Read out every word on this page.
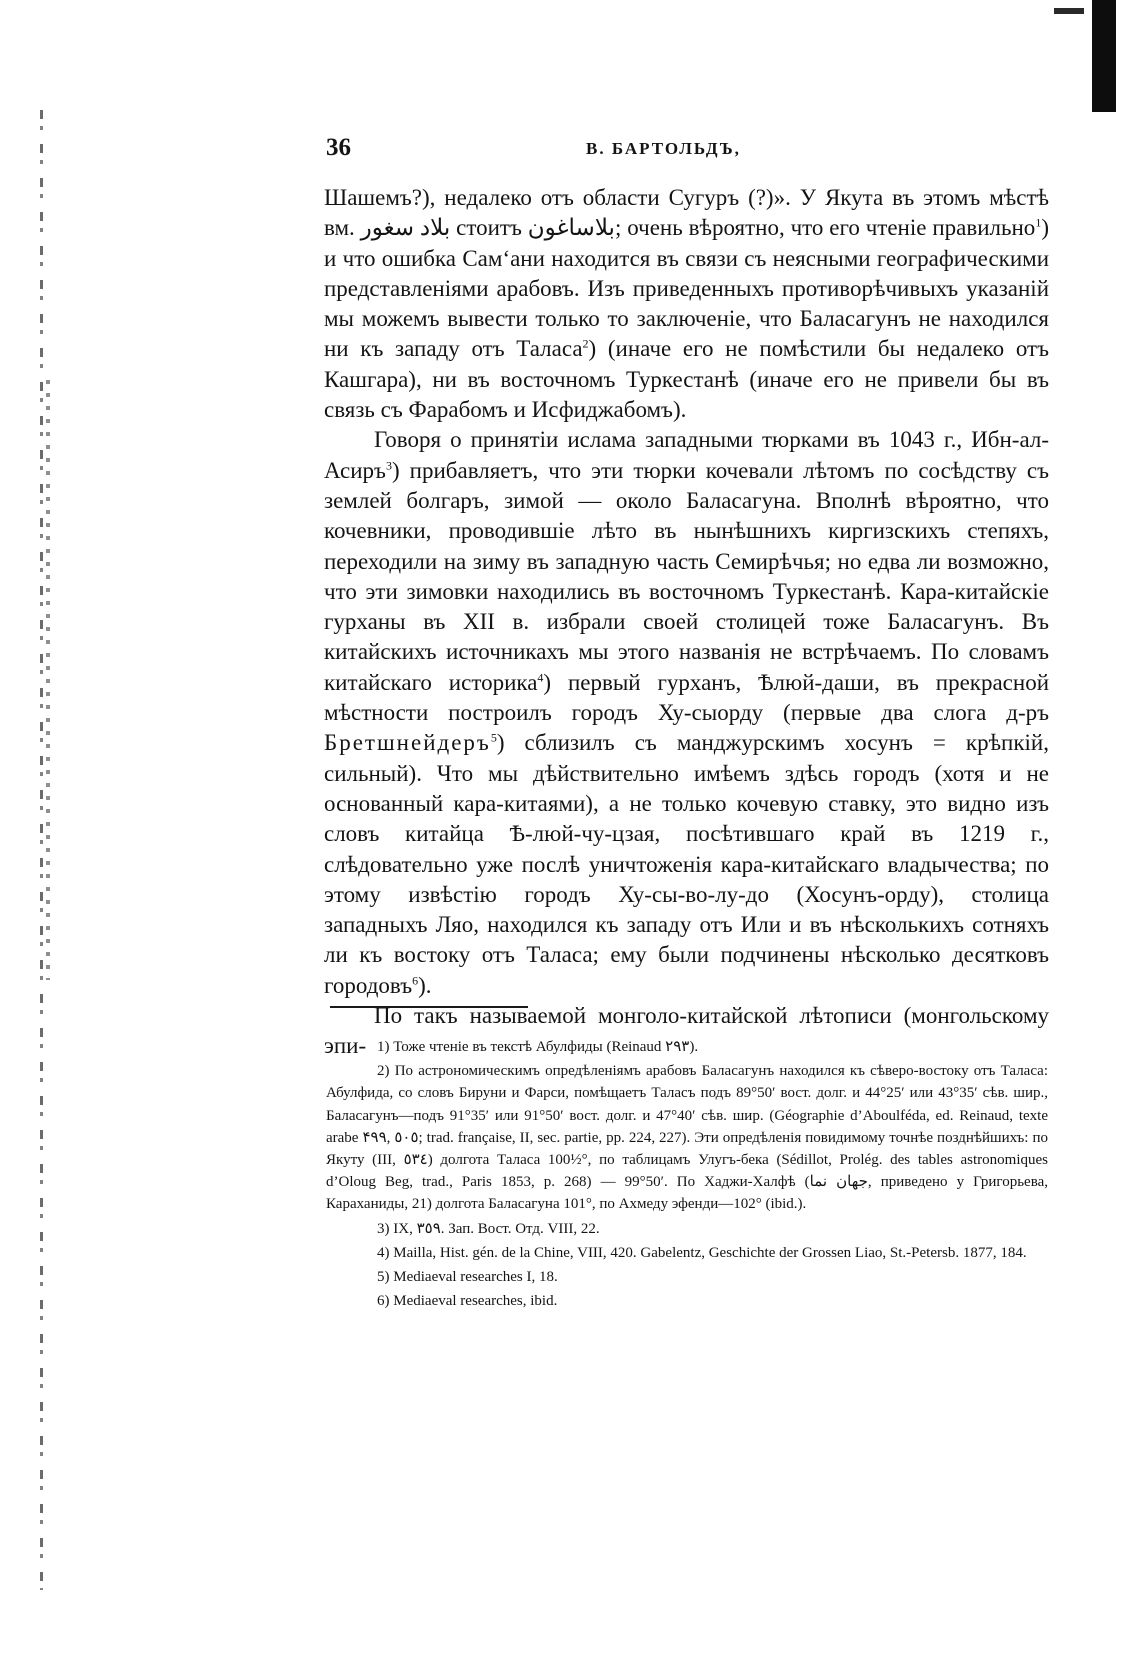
36	В. БАРТОЛЬДЪ,

Шашемъ?), недалеко отъ области Сугуръ (?)». У Якута въ этомъ мѣстѣ вм. بلاد سغور стоитъ بلاساغون; очень вѣроятно, что его чтеніе правильно$^1$) и что ошибка Сам‘ани находится въ связи съ неясными географическими представленіями арабовъ. Изъ приведенныхъ противорѣчивыхъ указаній мы можемъ вывести только то заключеніе, что Баласагунъ не находился ни къ западу отъ Таласа$^2$) (иначе его не помѣстили бы недалеко отъ Кашгара), ни въ восточномъ Туркестанѣ (иначе его не привели бы въ связь съ Фарабомъ и Исфиджабомъ).

Говоря о принятіи ислама западными тюрками въ 1043 г., Ибн-ал-Асиръ$^3$) прибавляетъ, что эти тюрки кочевали лѣтомъ по сосѣдству съ землей болгаръ, зимой — около Баласагуна. Вполнѣ вѣроятно, что кочевники, проводившіе лѣто въ нынѣшнихъ киргизскихъ степяхъ, переходили на зиму въ западную часть Семирѣчья; но едва ли возможно, что эти зимовки находились въ восточномъ Туркестанѣ. Кара-китайскіе гурханы въ XII в. избрали своей столицей тоже Баласагунъ. Въ китайскихъ источникахъ мы этого названія не встрѣчаемъ. По словамъ китайскаго историка$^4$) первый гурханъ, Ѣлюй-даши, въ прекрасной мѣстности построилъ городъ Ху-сыорду (первые два слога д-ръ Бретшнейдеръ$^5$) сблизилъ съ манджурскимъ хосунъ = крѣпкій, сильный). Что мы дѣйствительно имѣемъ здѣсь городъ (хотя и не основанный кара-китаями), а не только кочевую ставку, это видно изъ словъ китайца Ѣ-люй-чу-цзая, посѣтившаго край въ 1219 г., слѣдовательно уже послѣ уничтоженія кара-китайскаго владычества; по этому извѣстію городъ Ху-сы-во-лу-до (Хосунъ-орду), столица западныхъ Ляо, находился къ западу отъ Или и въ нѣсколькихъ сотняхъ ли къ востоку отъ Таласа; ему были подчинены нѣсколько десятковъ городовъ$^6$).

По такъ называемой монголо-китайской лѣтописи (монгольскому эпи- 1) Тоже чтеніе въ текстѣ Абулфиды (Reinaud ۲۹۳).

2) По астрономическимъ опредѣленіямъ арабовъ Баласагунъ находился къ сѣверо-востоку отъ Таласа: Абулфида, со словъ Бируни и Фарси, помѣщаетъ Таласъ подъ 89°50′ вост. долг. и 44°25′ или 43°35′ сѣв. шир., Баласагунъ—подъ 91°35′ или 91°50′ вост. долг. и 47°40′ сѣв. шир. (Géographie d’Aboulféda, ed. Reinaud, texte arabe ۴۹۹, ٥٠٥; trad. française, II, sec. partie, pp. 224, 227). Эти опредѣленія повидимому точнѣе позднѣйшихъ: по Якуту (III, ٥٣٤) долгота Таласа 100½°, по таблицамъ Улугъ-бека (Sédillot, Prolég. des tables astronomiques d’Oloug Beg, trad., Paris 1853, p. 268) — 99°50′. По Хаджи-Халфѣ (جهان نما, приведено у Григорьева, Караханиды, 21) долгота Баласагуна 101°, по Ахмеду эфенди—102° (ibid.).

3) IX, ۳٥۹. Зап. Вост. Отд. VIII, 22.

4) Mailla, Hist. gén. de la Chine, VIII, 420. Gabelentz, Geschichte der Grossen Liao, St.-Petersb. 1877, 184.

5) Mediaeval researches I, 18.

6) Mediaeval researches, ibid.
